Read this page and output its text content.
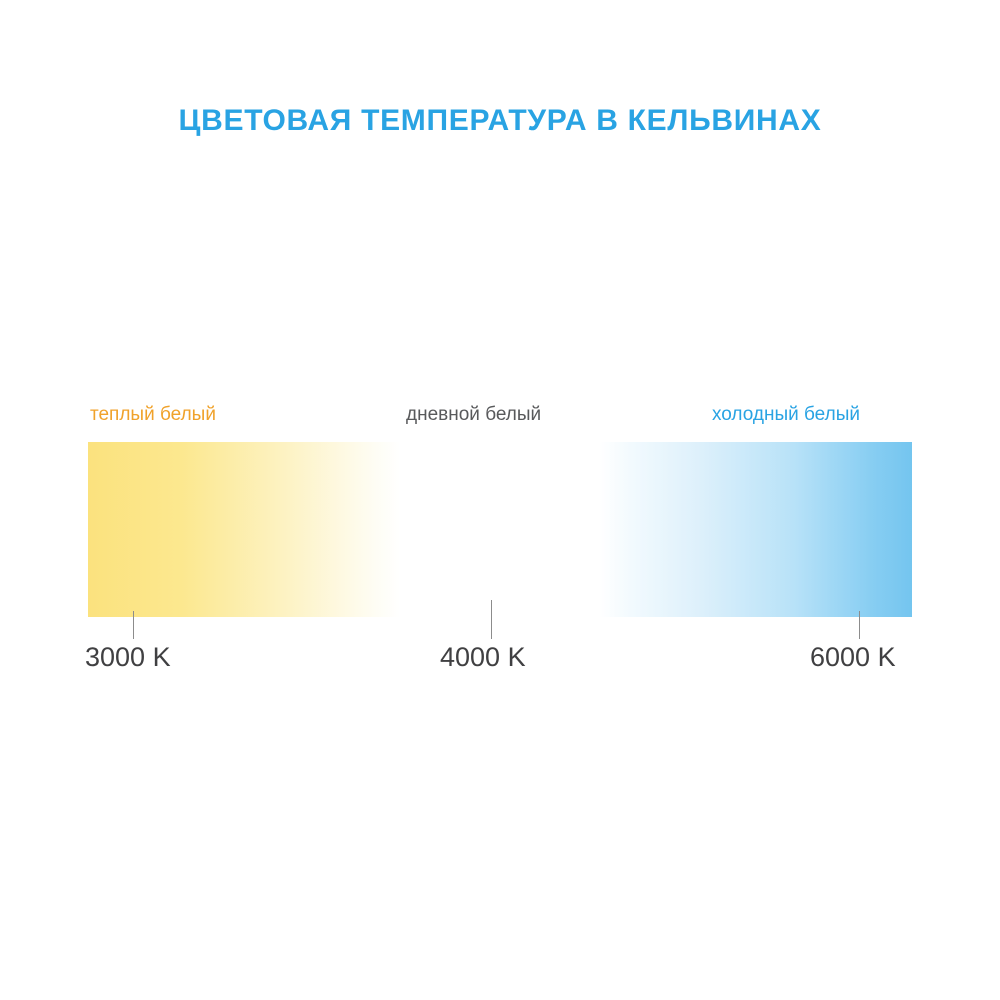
ЦВЕТОВАЯ ТЕМПЕРАТУРА В КЕЛЬВИНАХ
теплый белый	дневной белый	холодный белый
3000 K	4000 K	6000 K
